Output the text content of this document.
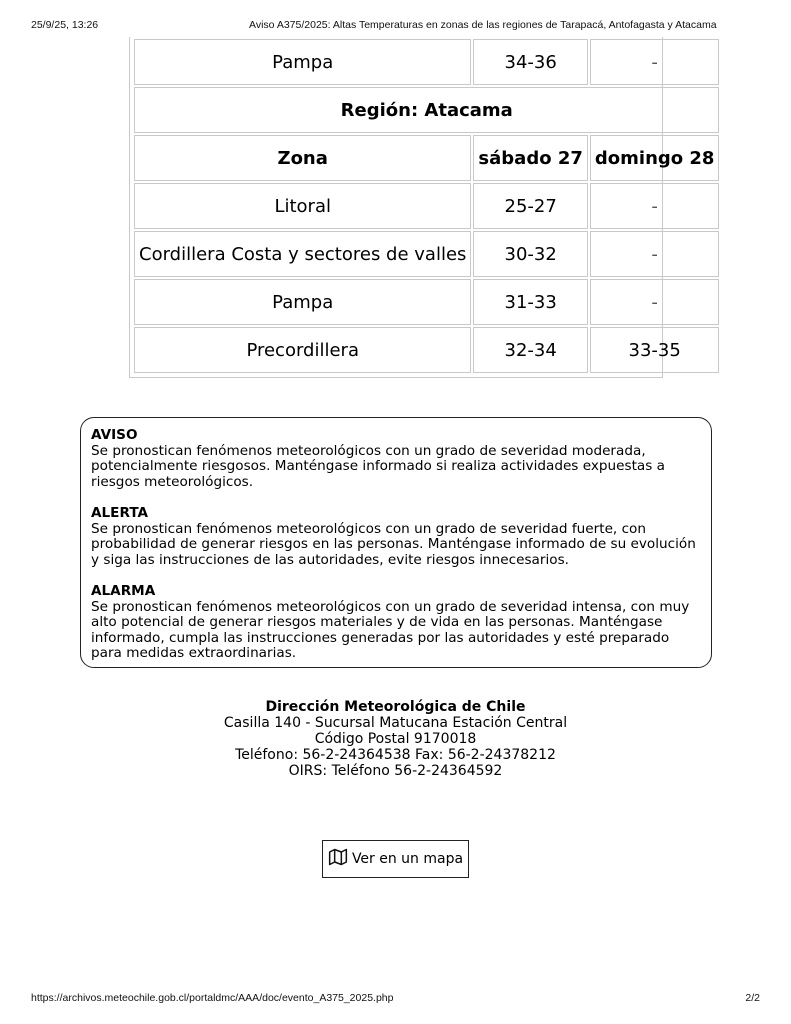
25/9/25, 13:26	Aviso A375/2025: Altas Temperaturas en zonas de las regiones de Tarapacá, Antofagasta y Atacama
Pampa	34-36	-
Región: Atacama		
Zona	sábado 27	domingo 28
Litoral	25-27	-
Cordillera Costa y sectores de valles	30-32	-
Pampa	31-33	-
Precordillera	32-34	33-35
AVISO
Se pronostican fenómenos meteorológicos con un grado de severidad moderada, potencialmente riesgosos. Manténgase informado si realiza actividades expuestas a riesgos meteorológicos.
ALERTA
Se pronostican fenómenos meteorológicos con un grado de severidad fuerte, con probabilidad de generar riesgos en las personas. Manténgase informado de su evolución y siga las instrucciones de las autoridades, evite riesgos innecesarios.
ALARMA
Se pronostican fenómenos meteorológicos con un grado de severidad intensa, con muy alto potencial de generar riesgos materiales y de vida en las personas. Manténgase informado, cumpla las instrucciones generadas por las autoridades y esté preparado para medidas extraordinarias.
Dirección Meteorológica de Chile
Casilla 140 - Sucursal Matucana Estación Central
Código Postal 9170018
Teléfono: 56-2-24364538 Fax: 56-2-24378212
OIRS: Teléfono 56-2-24364592
Ver en un mapa
https://archivos.meteochile.gob.cl/portaldmc/AAA/doc/evento_A375_2025.php	2/2
